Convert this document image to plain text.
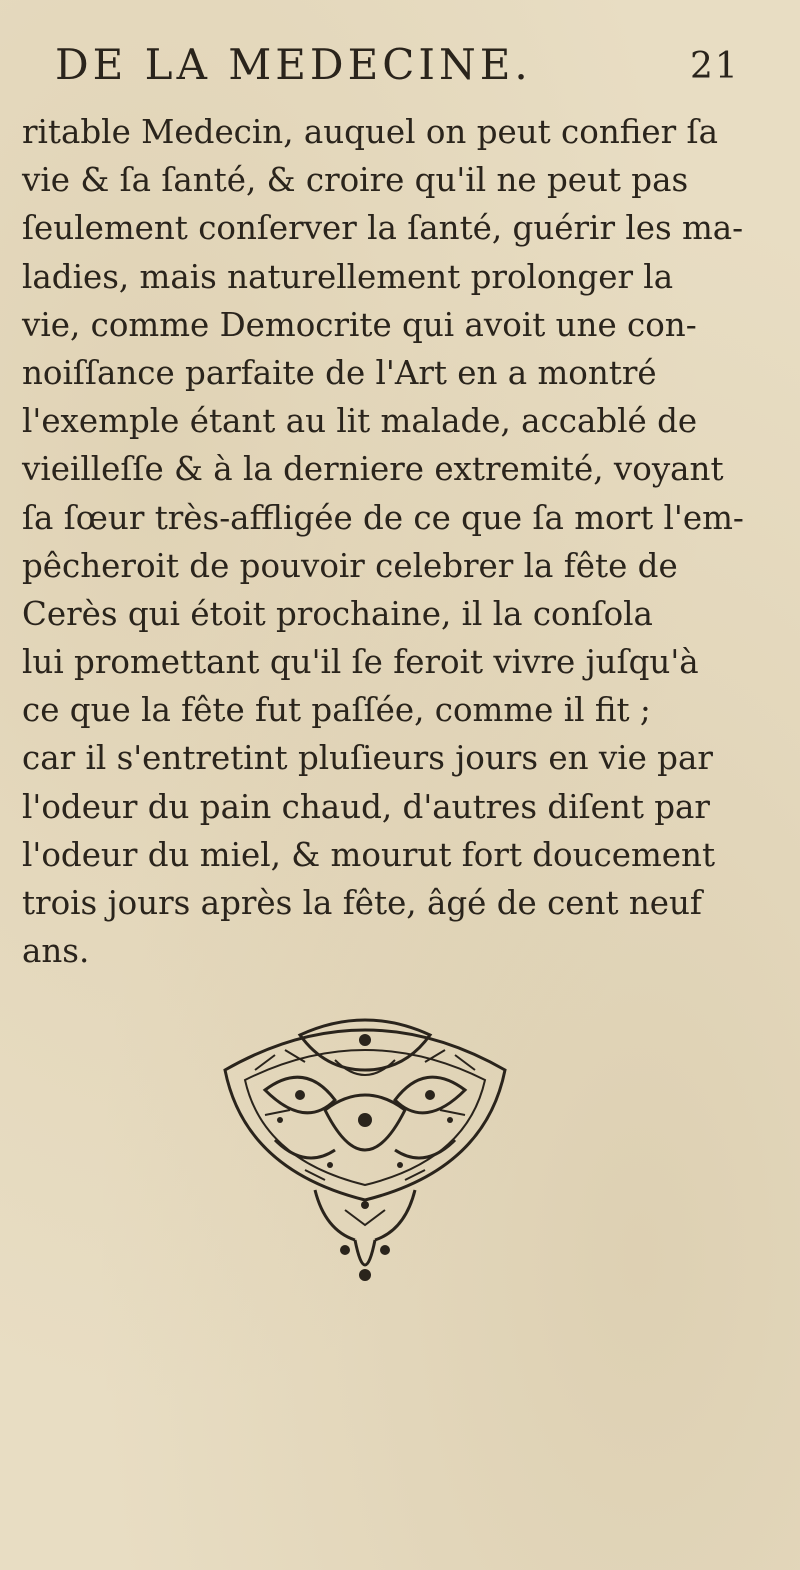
DE LA MEDECINE.	21
ritable Medecin, auquel on peut confier ſa
vie & ſa ſanté, & croire qu'il ne peut pas
ſeulement conſerver la ſanté, guérir les ma-
ladies, mais naturellement prolonger la
vie, comme Democrite qui avoit une con-
noiſſance parfaite de l'Art en a montré
l'exemple étant au lit malade, accablé de
vieilleſſe & à la derniere extremité, voyant
ſa ſœur très-affligée de ce que ſa mort l'em-
pêcheroit de pouvoir celebrer la fête de
Cerès qui étoit prochaine, il la conſola
lui promettant qu'il ſe feroit vivre juſqu'à
ce que la fête fut paſſée, comme il fit ;
car il s'entretint pluſieurs jours en vie par
l'odeur du pain chaud, d'autres diſent par
l'odeur du miel, & mourut fort doucement
trois jours après la fête, âgé de cent neuf
ans.
